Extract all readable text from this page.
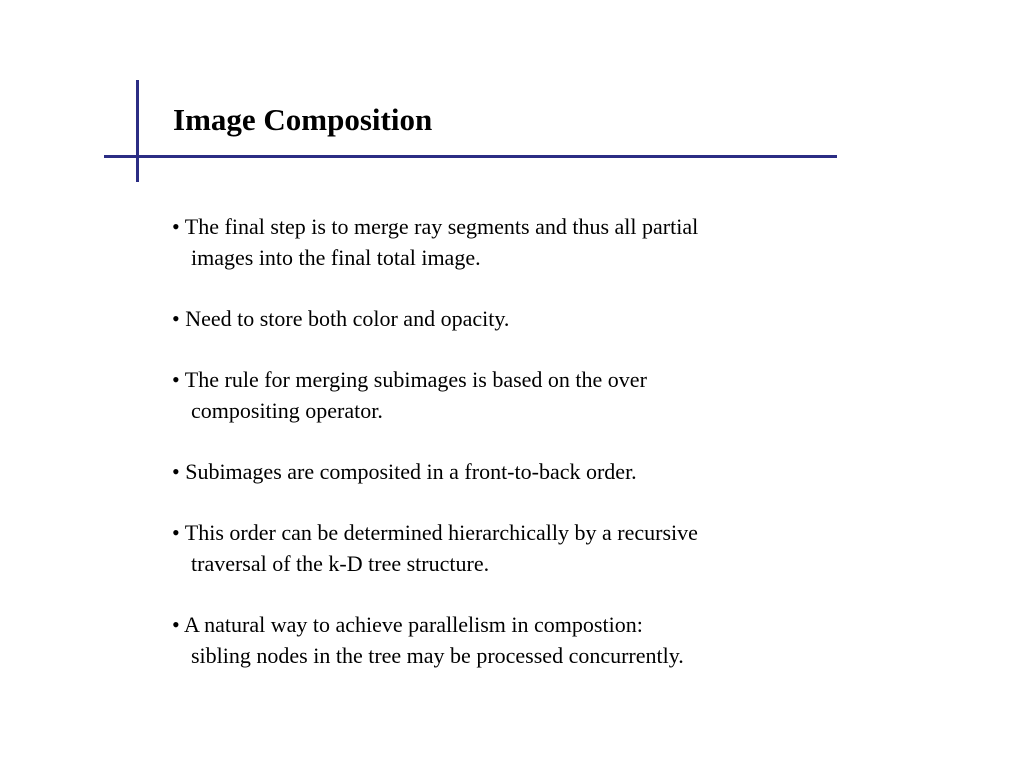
Image Composition
• The final step is to merge ray segments and thus all partial
images into the final total image.
• Need to store both color and opacity.
• The rule for merging subimages is based on the over
compositing operator.
• Subimages are composited in a front-to-back order.
• This order can be determined hierarchically by a recursive
traversal of the k-D tree structure.
• A natural way to achieve parallelism in compostion:
sibling nodes in the tree may be processed concurrently.
